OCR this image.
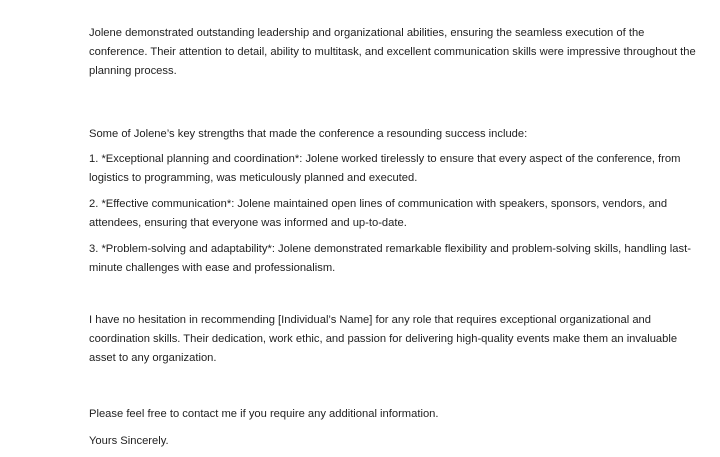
Jolene demonstrated outstanding leadership and organizational abilities, ensuring the seamless execution of the conference. Their attention to detail, ability to multitask, and excellent communication skills were impressive throughout the planning process.

Some of Jolene’s key strengths that made the conference a resounding success include:

1. *Exceptional planning and coordination*: Jolene worked tirelessly to ensure that every aspect of the conference, from logistics to programming, was meticulously planned and executed.

2. *Effective communication*: Jolene maintained open lines of communication with speakers, sponsors, vendors, and attendees, ensuring that everyone was informed and up-to-date.

3. *Problem-solving and adaptability*: Jolene demonstrated remarkable flexibility and problem-solving skills, handling last-minute challenges with ease and professionalism.

I have no hesitation in recommending [Individual’s Name] for any role that requires exceptional organizational and coordination skills. Their dedication, work ethic, and passion for delivering high-quality events make them an invaluable asset to any organization.

Please feel free to contact me if you require any additional information.

Yours Sincerely.
